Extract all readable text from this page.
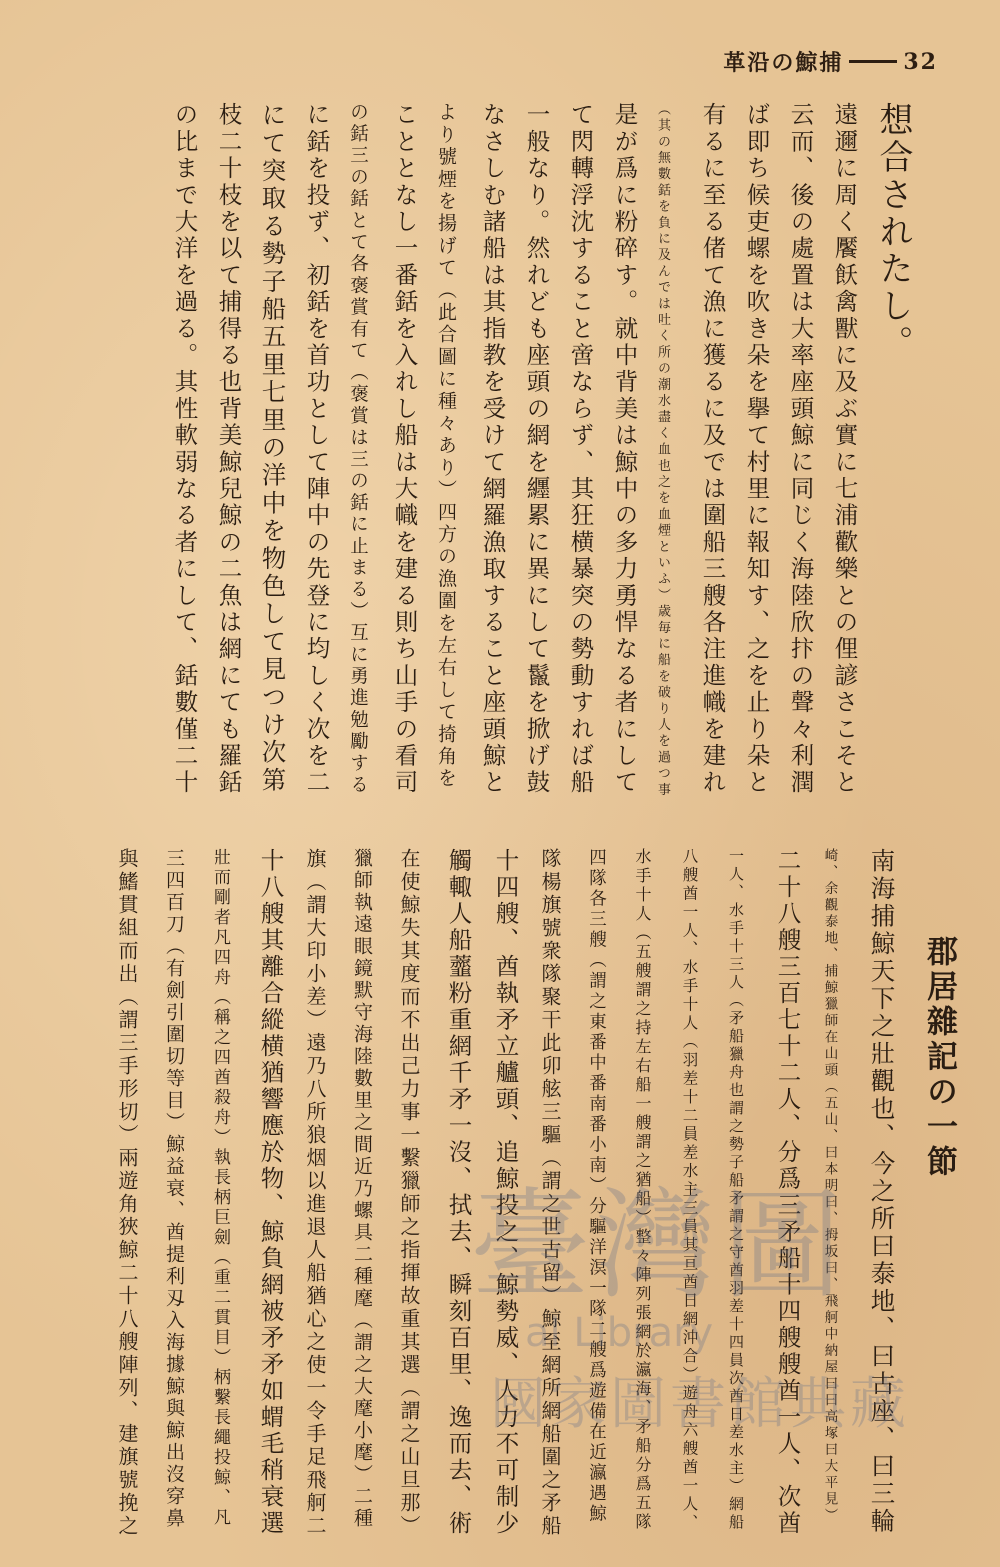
革沿の鯨捕	32
の比まで大洋を過る。其性軟弱なる者にして、銛數僅二十 枝二十枝を以て捕得る也背美鯨兒鯨の二魚は網にても羅銛 にて突取る勢子船五里七里の洋中を物色して見つけ次第 に銛を投ず、初銛を首功として陣中の先登に均しく次を二 の銛三の銛とて各褒賞有て（褒賞は三の銛に止まる）互に勇進勉勵する こととなし一番銛を入れし船は大幟を建る則ち山手の看司 より號煙を揚げて（此合圖に種々あり）四方の漁圍を左右して掎角を なさしむ諸船は其指教を受けて網羅漁取すること座頭鯨と 一般なり。然れども座頭の網を纒累に異にして鬣を掀げ鼓 て閃轉浮沈すること啻ならず、其狂横暴突の勢動すれば船 是が爲に粉碎す。就中背美は鯨中の多力勇悍なる者にして （其の無數銛を負に及んでは吐く所の潮水盡く血也之を血煙といふ）歳毎に船を破り人を過つ事 有るに至る偖て漁に獲るに及では圍船三艘各注進幟を建れ ば即ち候吏螺を吹き朵を擧て村里に報知す、之を止り朵と 云而、後の處置は大率座頭鯨に同じく海陸欣抃の聲々利潤 遠邇に周く饜飫禽獸に及ぶ實に七浦歡樂との俚諺さこそと 想合されたし。
郡居雜記の一節
與鰭貫組而出（謂三手形切）兩遊角狹鯨二十八艘陣列、建旗號挽之 三四百刀（有劍引圍切等目）鯨益衰、酋提利刄入海據鯨與鯨出沒穿鼻 壯而剛者凡四舟（稱之四酋殺舟）執長柄巨劍（重二貫目）柄繫長繩投鯨、凡 十八艘其離合縱横猶響應於物、鯨負網被矛矛如蝟毛稍衰選 旗（謂大印小差）遠乃八所狼烟以進退人船猶心之使一令手足飛舸二 獵師執遠眼鏡默守海陸數里之間近乃螺具二種麾（謂之大麾小麾）二種 在使鯨失其度而不出己力事一繫獵師之指揮故重其選（謂之山旦那） 觸輙人船虀粉重網千矛一沒、拭去、瞬刻百里、逸而去、術 十四艘、酋執矛立艫頭、追鯨投之、鯨勢威、人力不可制少 隊楊旗號衆隊聚干此卯舷三驅（謂之世古留）鯨至網所網船圍之矛船 四隊各三艘（謂之東番中番南番小南）分驅洋溟一隊二艘爲遊備在近瀛遇鯨 水手十人（五艘謂之持左右船一艘謂之猶船）整々陣列張網於瀛海、矛船分爲五隊 八艘酋一人、水手十人（羽差十二員差水主三員其亘酋日網沖合）遊舟六艘酋一人、 一人、水手十三人（矛船獵舟也謂之勢子船矛謂之守酋羽差十四員次酋日差水主）網船 二十八艘三百七十二人、分爲三矛船十四艘艘酋一人、次酋 崎、余觀泰地、捕鯨獵師在山頭（五山、曰本明曰、拇坂曰、飛舸中納屋曰曰高塚曰大平見） 南海捕鯨天下之壯觀也、今之所曰泰地、曰古座、曰三輪
臺灣圖
al Library
國家圖書館典藏
